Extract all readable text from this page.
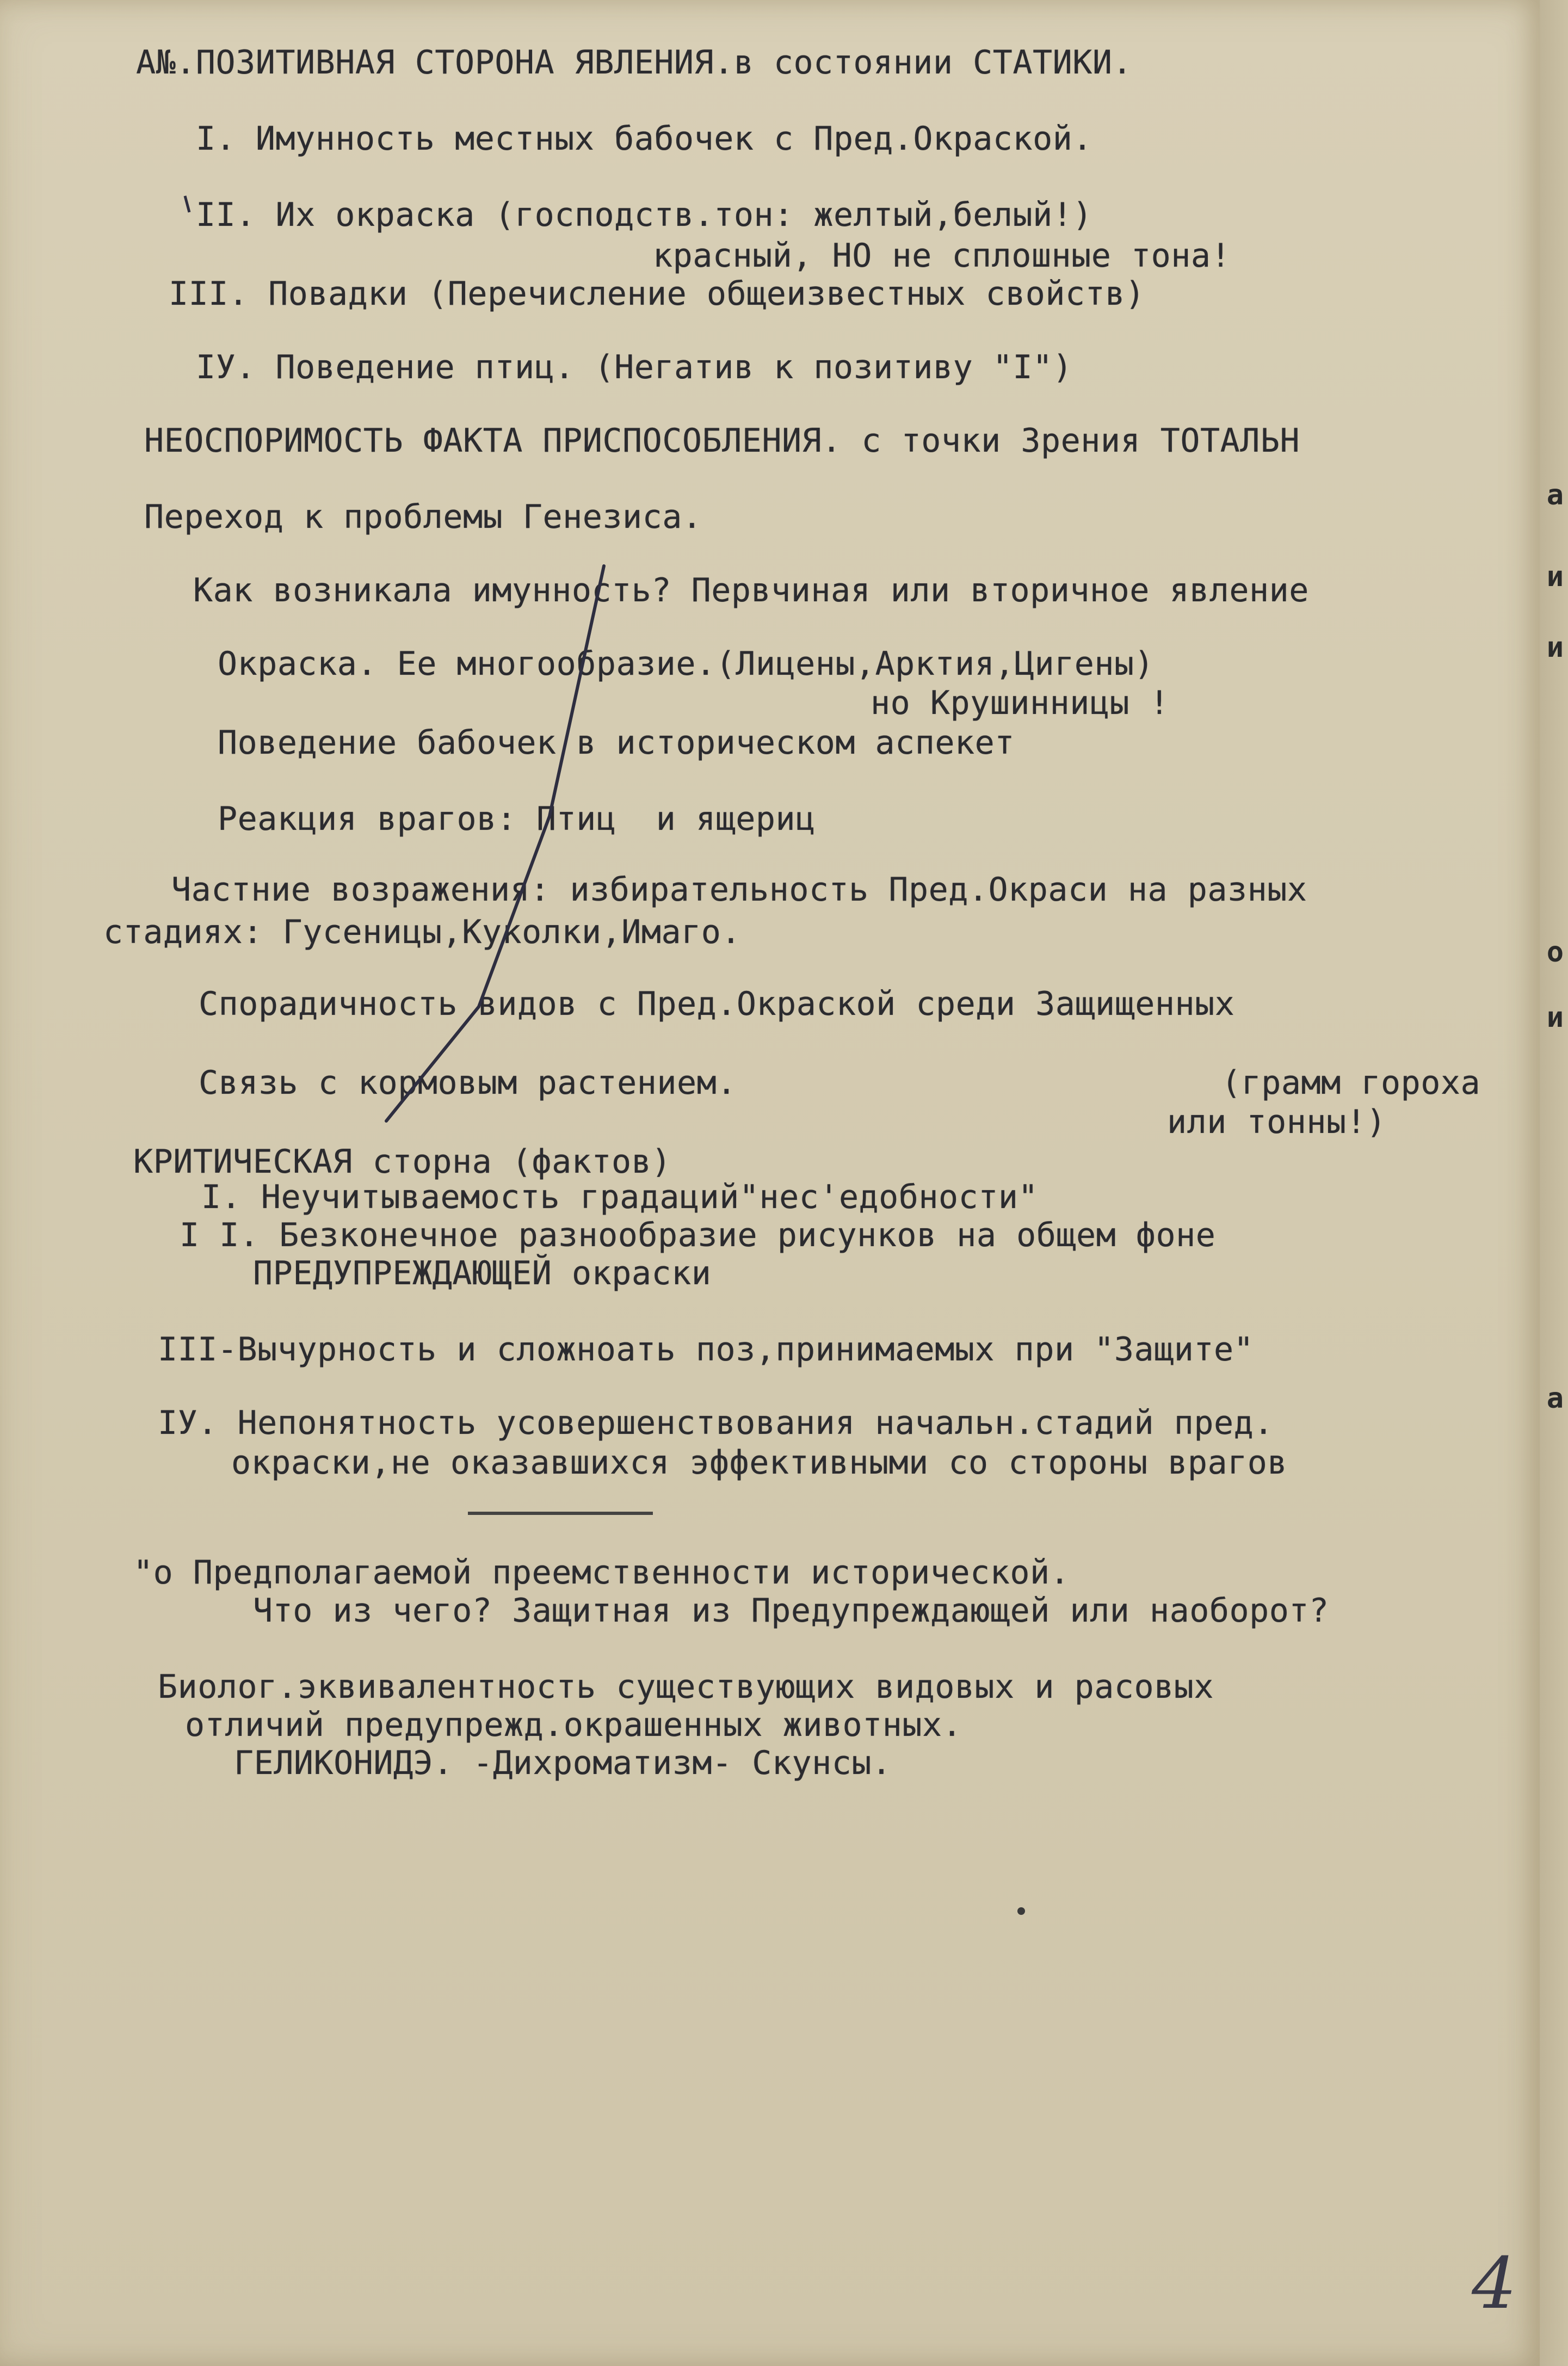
а
и
и
о
и
а
A№.ПОЗИТИВНАЯ СТОРОНА ЯВЛЕНИЯ.в состоянии СТАТИКИ.
I. Имунность местных бабочек с Пред.Окраской.
II. Их окраска (господств.тон: желтый,белый!)
красный, НО не сплошные тона!
III. Повадки (Перечисление общеизвестных свойств)
IУ. Поведение птиц. (Негатив к позитиву "I")
НЕОСПОРИМОСТЬ ФАКТА ПРИСПОСОБЛЕНИЯ. с точки Зрения ТОТАЛЬН
Переход к проблемы Генезиса.
Как возникала имунность? Первчиная или вторичное явление
Окраска. Ее многообразие.(Лицены,Арктия,Цигены)
но Крушинницы !
Поведение бабочек в историческом аспекет
Реакция врагов: Птиц  и ящериц
Частние возражения: избирательность Пред.Окраси на разных
стадиях: Гусеницы,Куколки,Имаго.
Спорадичность видов с Пред.Окраской среди Защищенных
Связь с кормовым растением.	(грамм гороха
или тонны!)
КРИТИЧЕСКАЯ сторна (фактов)
I. Неучитываемость градаций"нес'едобности"
I I. Безконечное разнообразие рисунков на общем фоне
ПРЕДУПРЕЖДАЮЩЕЙ окраски
III-Вычурность и сложноать поз,принимаемых при "Защите"
IУ. Непонятность усовершенствования начальн.стадий пред.
окраски,не оказавшихся эффективными со стороны врагов
"о Предполагаемой преемственности исторической.
Что из чего? Защитная из Предупреждающей или наоборот?
Биолог.эквивалентность существующих видовых и расовых
отличий предупрежд.окрашенных животных.
ГЕЛИКОНИДЭ. -Дихроматизм- Скунсы.
4
